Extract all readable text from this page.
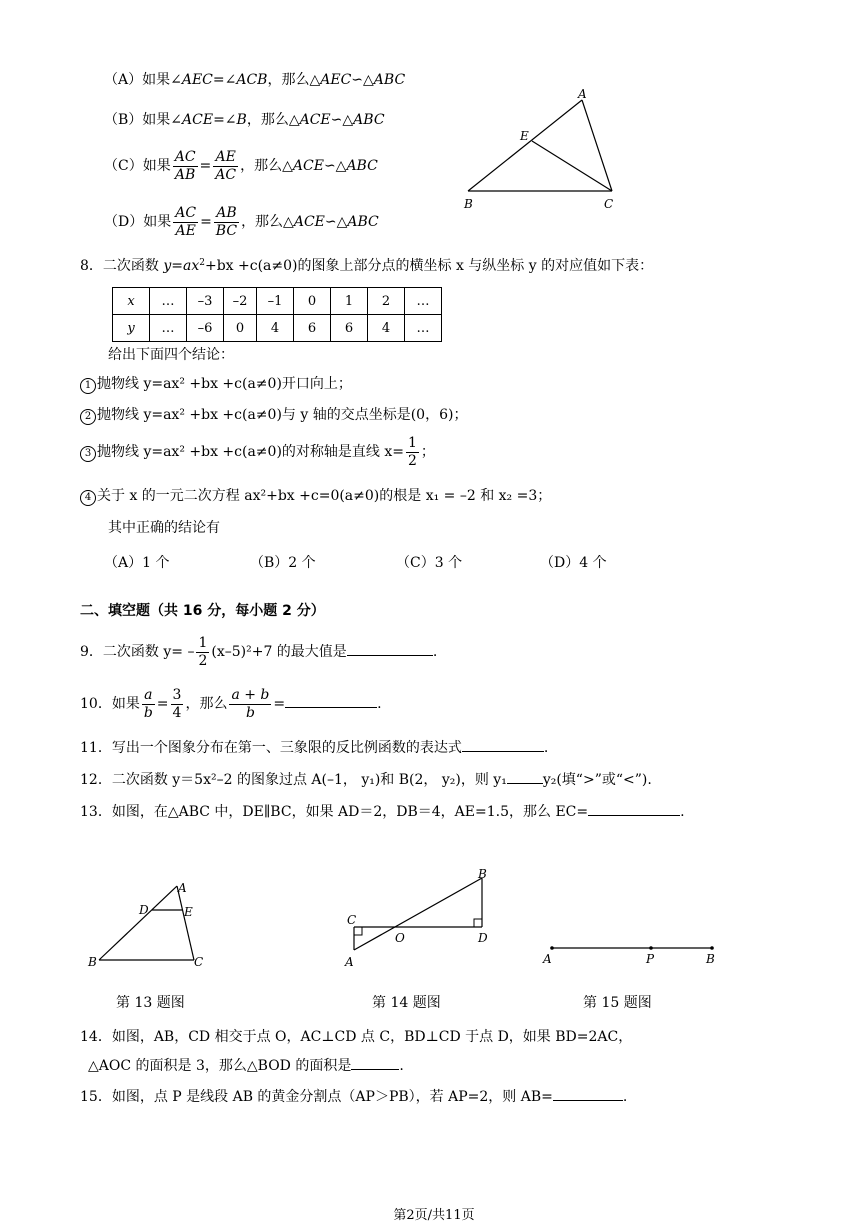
（A）如果∠AEC=∠ACB，那么△AEC∽△ABC
（B）如果∠ACE=∠B，那么△ACE∽△ABC
（C）如果 $\frac{AC}{AB} = \frac{AE}{AC}$ ，那么△ACE∽△ABC
（D）如果 $\frac{AC}{AE} = \frac{AB}{BC}$ ，那么△ACE∽△ABC
A
E
B	C
8．二次函数 $y=ax^2+bx +c(a\ne 0)$的图象上部分点的横坐标 x 与纵坐标 y 的对应值如下表：
x	…	–3	–2	–1	0	1	2	…
y	…	–6	0	4	6	6	4	…
给出下面四个结论：
1 抛物线 y=ax² +bx +c(a≠0)开口向上；
2 抛物线 y=ax² +bx +c(a≠0)与 y 轴的交点坐标是(0，6)；
3 抛物线 y=ax² +bx +c(a≠0)的对称轴是直线 $x= \frac{1}{2}$ ；
4 关于 x 的一元二次方程 ax²+bx +c=0(a≠0)的根是 x₁ = –2 和 x₂ =3；
其中正确的结论有
（A）1 个	（B）2 个	（C）3 个	（D）4 个
二、填空题（共 16 分，每小题 2 分）
9．二次函数 $y= - \frac{1}{2} (x-5)^2+7$ 的最大值是	.
10．如果 $\frac{a}{b} = \frac{3}{4}$ ，那么 $\frac{a + b}{b}$ =	.
11．写出一个图象分布在第一、三象限的反比例函数的表达式	.
12．二次函数 y＝5x²–2 的图象过点 A(–1， y₁)和 B(2， y₂)，则 y₁	y₂(填“>”或“<”).
13．如图，在△ABC 中，DE∥BC，如果 AD＝2，DB＝4，AE=1.5，那么 EC=	.
A
D	E
B	C
第 13 题图
B
C
O	D
A
第 14 题图
A	P	B
第 15 题图
14．如图，AB，CD 相交于点 O，AC⊥CD 点 C，BD⊥CD 于点 D，如果 BD=2AC，
△AOC 的面积是 3，那么△BOD 的面积是	.
15．如图，点 P 是线段 AB 的黄金分割点（AP＞PB），若 AP=2，则 AB=	.
第2页/共11页
